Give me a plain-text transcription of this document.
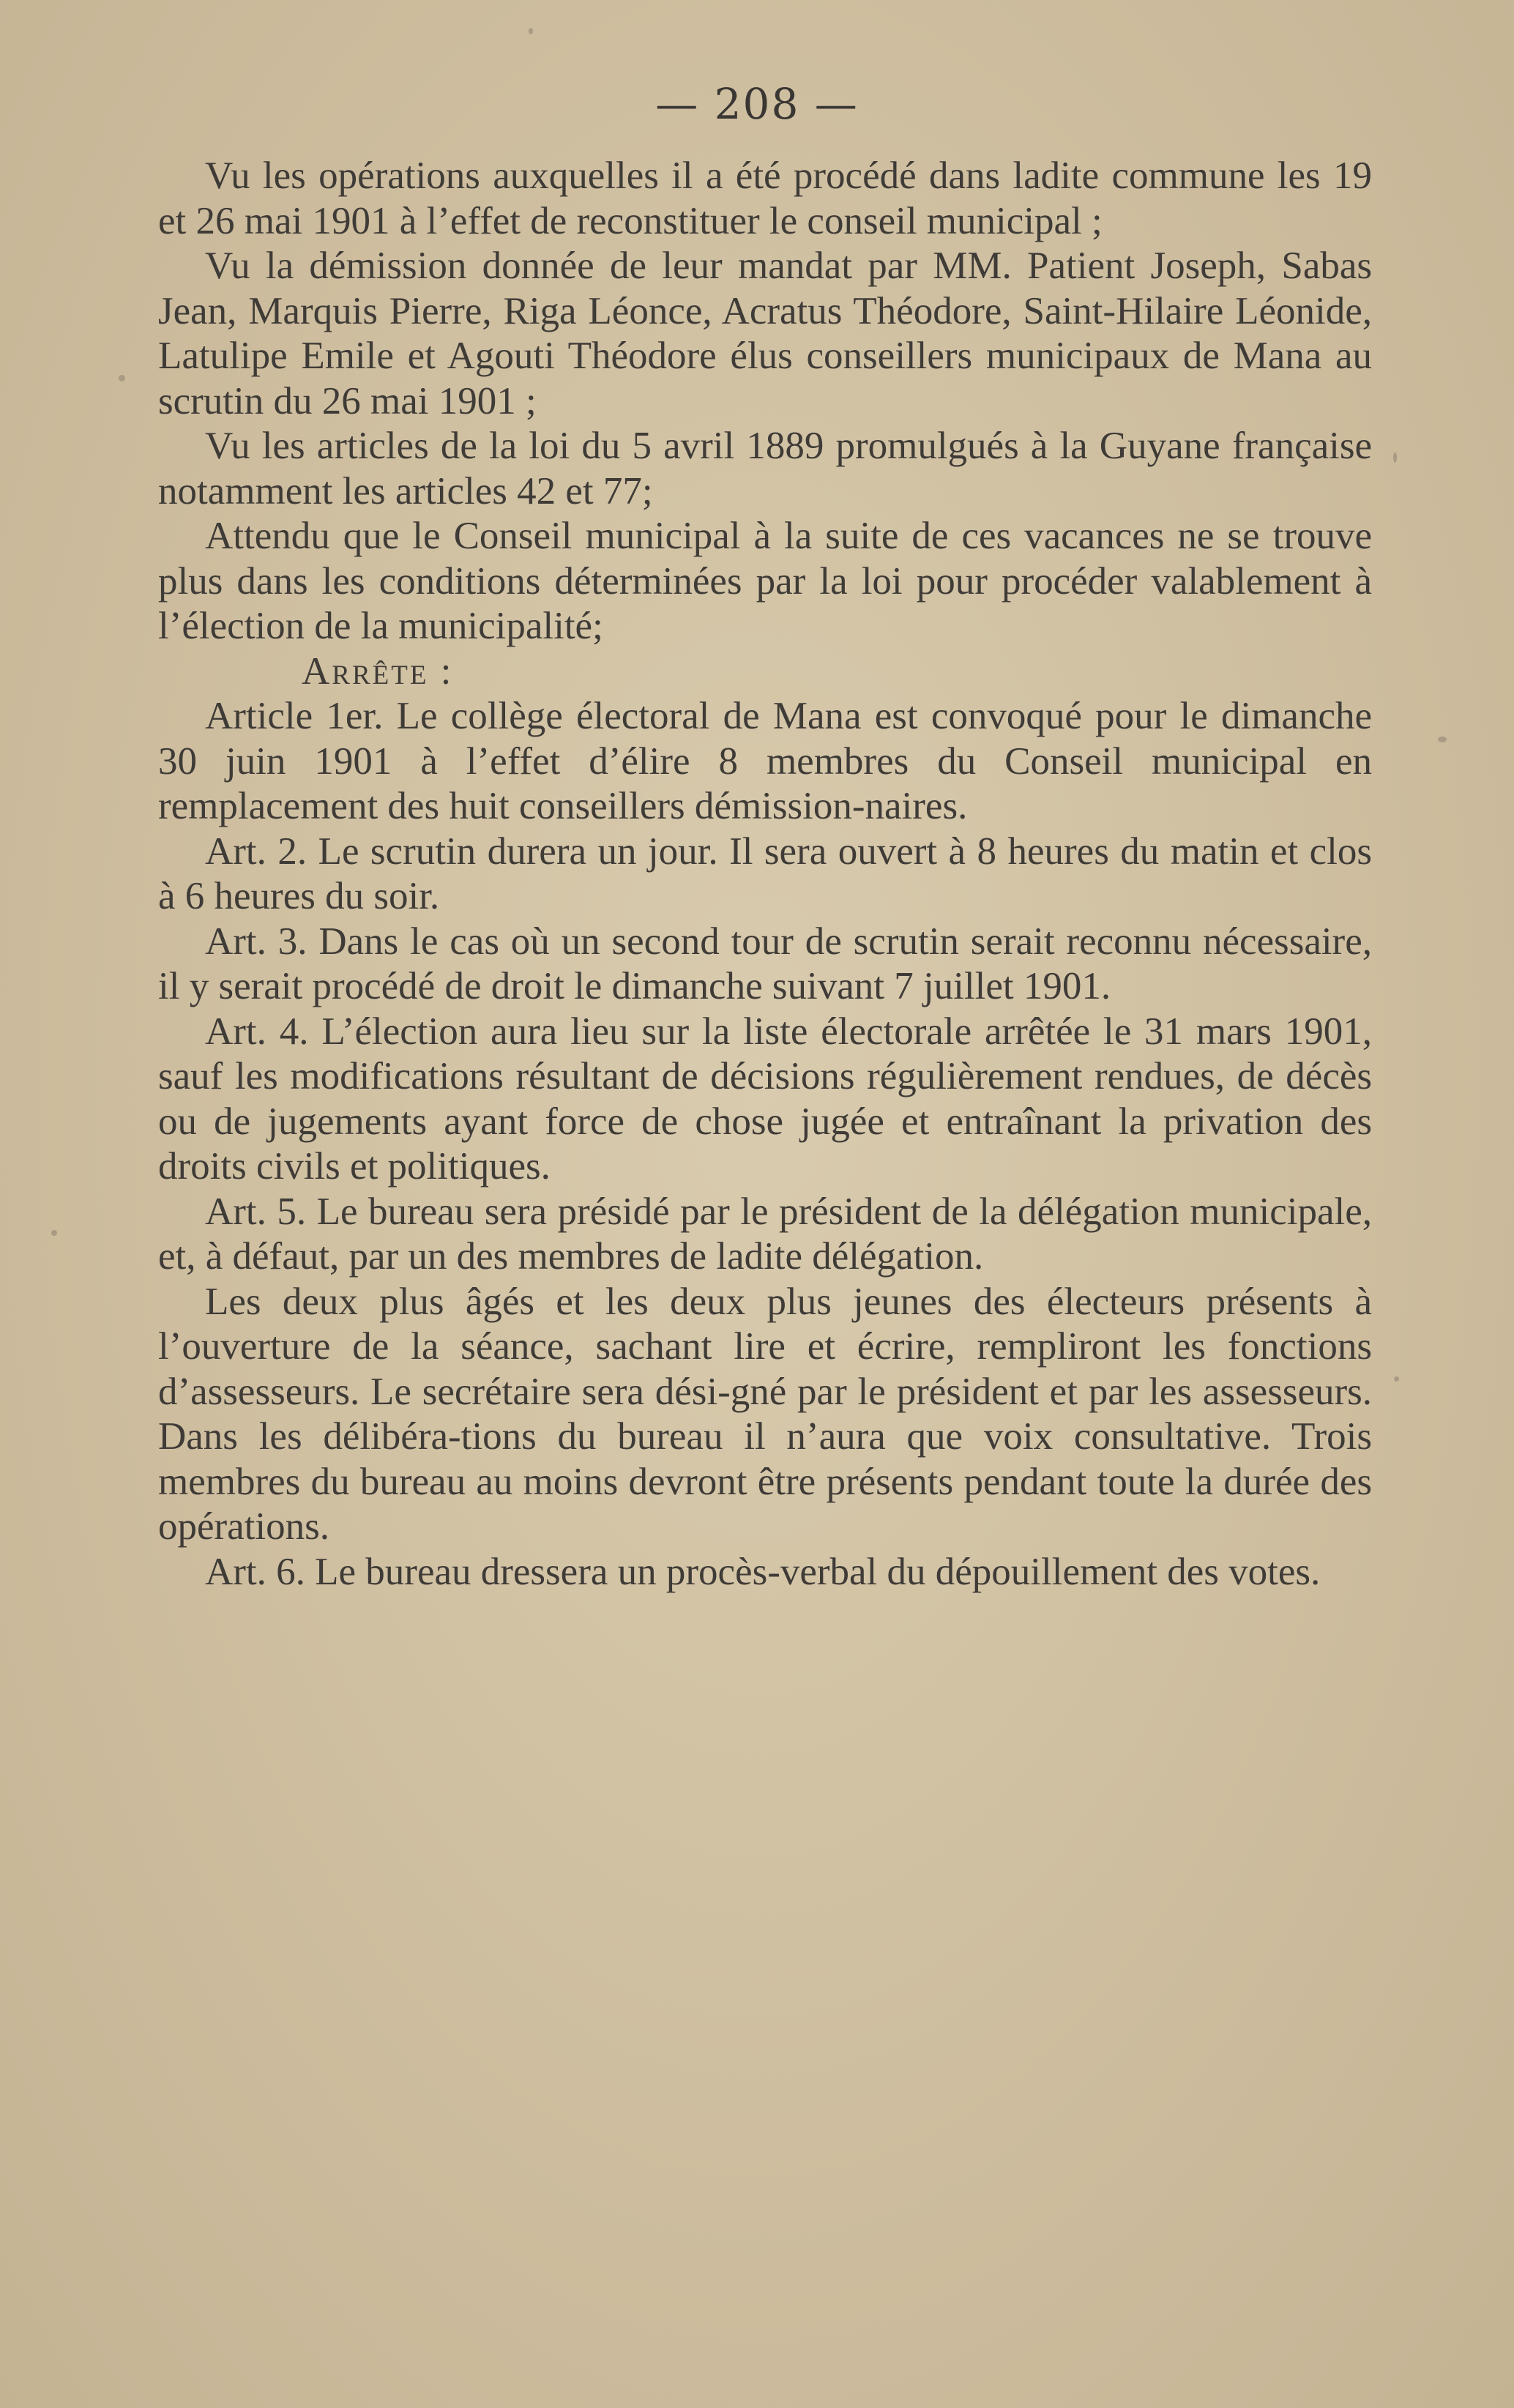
— 208 —

Vu les opérations auxquelles il a été procédé dans ladite commune les 19 et 26 mai 1901 à l’effet de reconstituer le conseil municipal ;

Vu la démission donnée de leur mandat par MM. Patient Joseph, Sabas Jean, Marquis Pierre, Riga Léonce, Acratus Théodore, Saint-Hilaire Léonide, Latulipe Emile et Agouti Théodore élus conseillers municipaux de Mana au scrutin du 26 mai 1901 ;

Vu les articles de la loi du 5 avril 1889 promulgués à la Guyane française notamment les articles 42 et 77;

Attendu que le Conseil municipal à la suite de ces vacances ne se trouve plus dans les conditions déterminées par la loi pour procéder valablement à l’élection de la municipalité;

Arrête :

Article 1er. Le collège électoral de Mana est convoqué pour le dimanche 30 juin 1901 à l’effet d’élire 8 membres du Conseil municipal en remplacement des huit conseillers démission-naires.

Art. 2. Le scrutin durera un jour. Il sera ouvert à 8 heures du matin et clos à 6 heures du soir.

Art. 3. Dans le cas où un second tour de scrutin serait reconnu nécessaire, il y serait procédé de droit le dimanche suivant 7 juillet 1901.

Art. 4. L’élection aura lieu sur la liste électorale arrêtée le 31 mars 1901, sauf les modifications résultant de décisions régulièrement rendues, de décès ou de jugements ayant force de chose jugée et entraînant la privation des droits civils et politiques.

Art. 5. Le bureau sera présidé par le président de la délégation municipale, et, à défaut, par un des membres de ladite délégation.

Les deux plus âgés et les deux plus jeunes des électeurs présents à l’ouverture de la séance, sachant lire et écrire, rempliront les fonctions d’assesseurs. Le secrétaire sera dési-gné par le président et par les assesseurs. Dans les délibéra-tions du bureau il n’aura que voix consultative. Trois membres du bureau au moins devront être présents pendant toute la durée des opérations.

Art. 6. Le bureau dressera un procès-verbal du dépouillement des votes.
